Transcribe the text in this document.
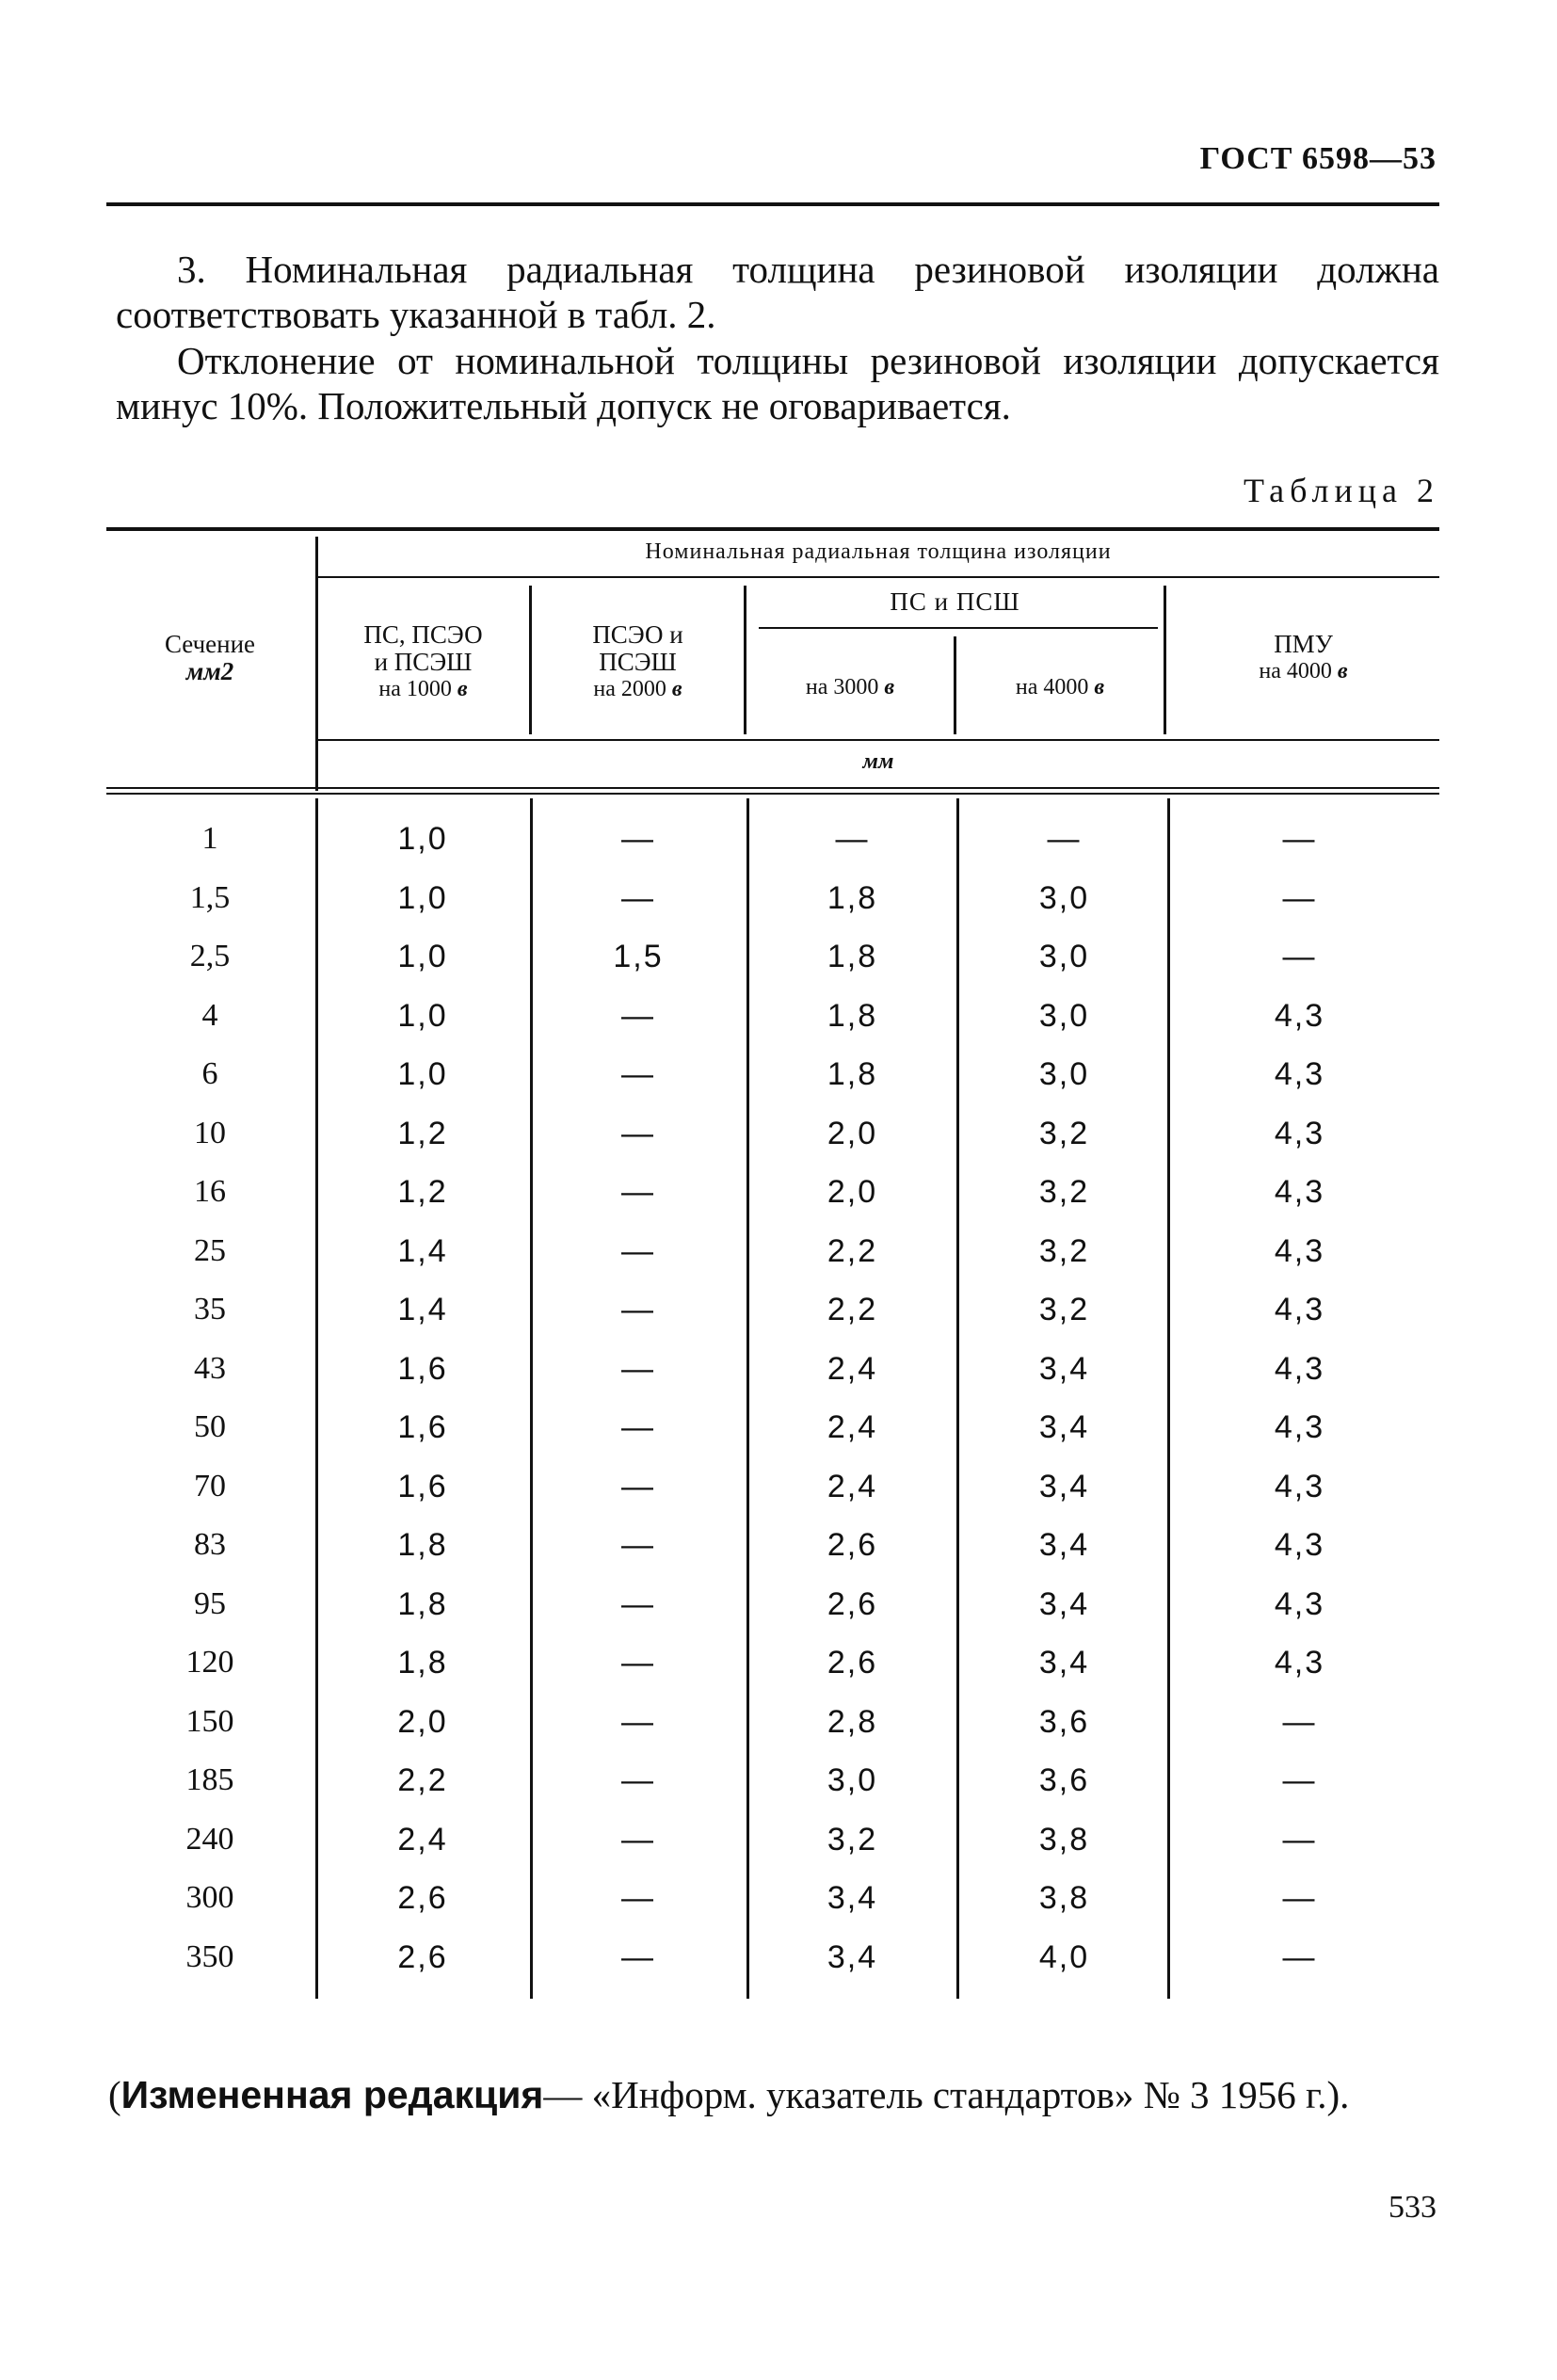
ГОСТ 6598—53
3. Номинальная радиальная толщина резиновой изоляции должна соответствовать указанной в табл. 2.
Отклонение от номинальной толщины резиновой изоляции допускается минус 10%. Положительный допуск не оговаривается.
Таблица 2
Сечение
мм2
Номинальная радиальная толщина изоляции
ПС, ПСЭО
и ПСЭШ
на 1000 в
ПСЭО и
ПСЭШ
на 2000 в
ПС и ПСШ
на 3000 в	на 4000 в
ПМУ
на 4000 в
мм
1	1,0	—	—	—	—
1,5	1,0	—	1,8	3,0	—
2,5	1,0	1,5	1,8	3,0	—
4	1,0	—	1,8	3,0	4,3
6	1,0	—	1,8	3,0	4,3
10	1,2	—	2,0	3,2	4,3
16	1,2	—	2,0	3,2	4,3
25	1,4	—	2,2	3,2	4,3
35	1,4	—	2,2	3,2	4,3
43	1,6	—	2,4	3,4	4,3
50	1,6	—	2,4	3,4	4,3
70	1,6	—	2,4	3,4	4,3
83	1,8	—	2,6	3,4	4,3
95	1,8	—	2,6	3,4	4,3
120	1,8	—	2,6	3,4	4,3
150	2,0	—	2,8	3,6	—
185	2,2	—	3,0	3,6	—
240	2,4	—	3,2	3,8	—
300	2,6	—	3,4	3,8	—
350	2,6	—	3,4	4,0	—
(Измененная редакция— «Информ. указатель стандартов» № 3 1956 г.).
533
